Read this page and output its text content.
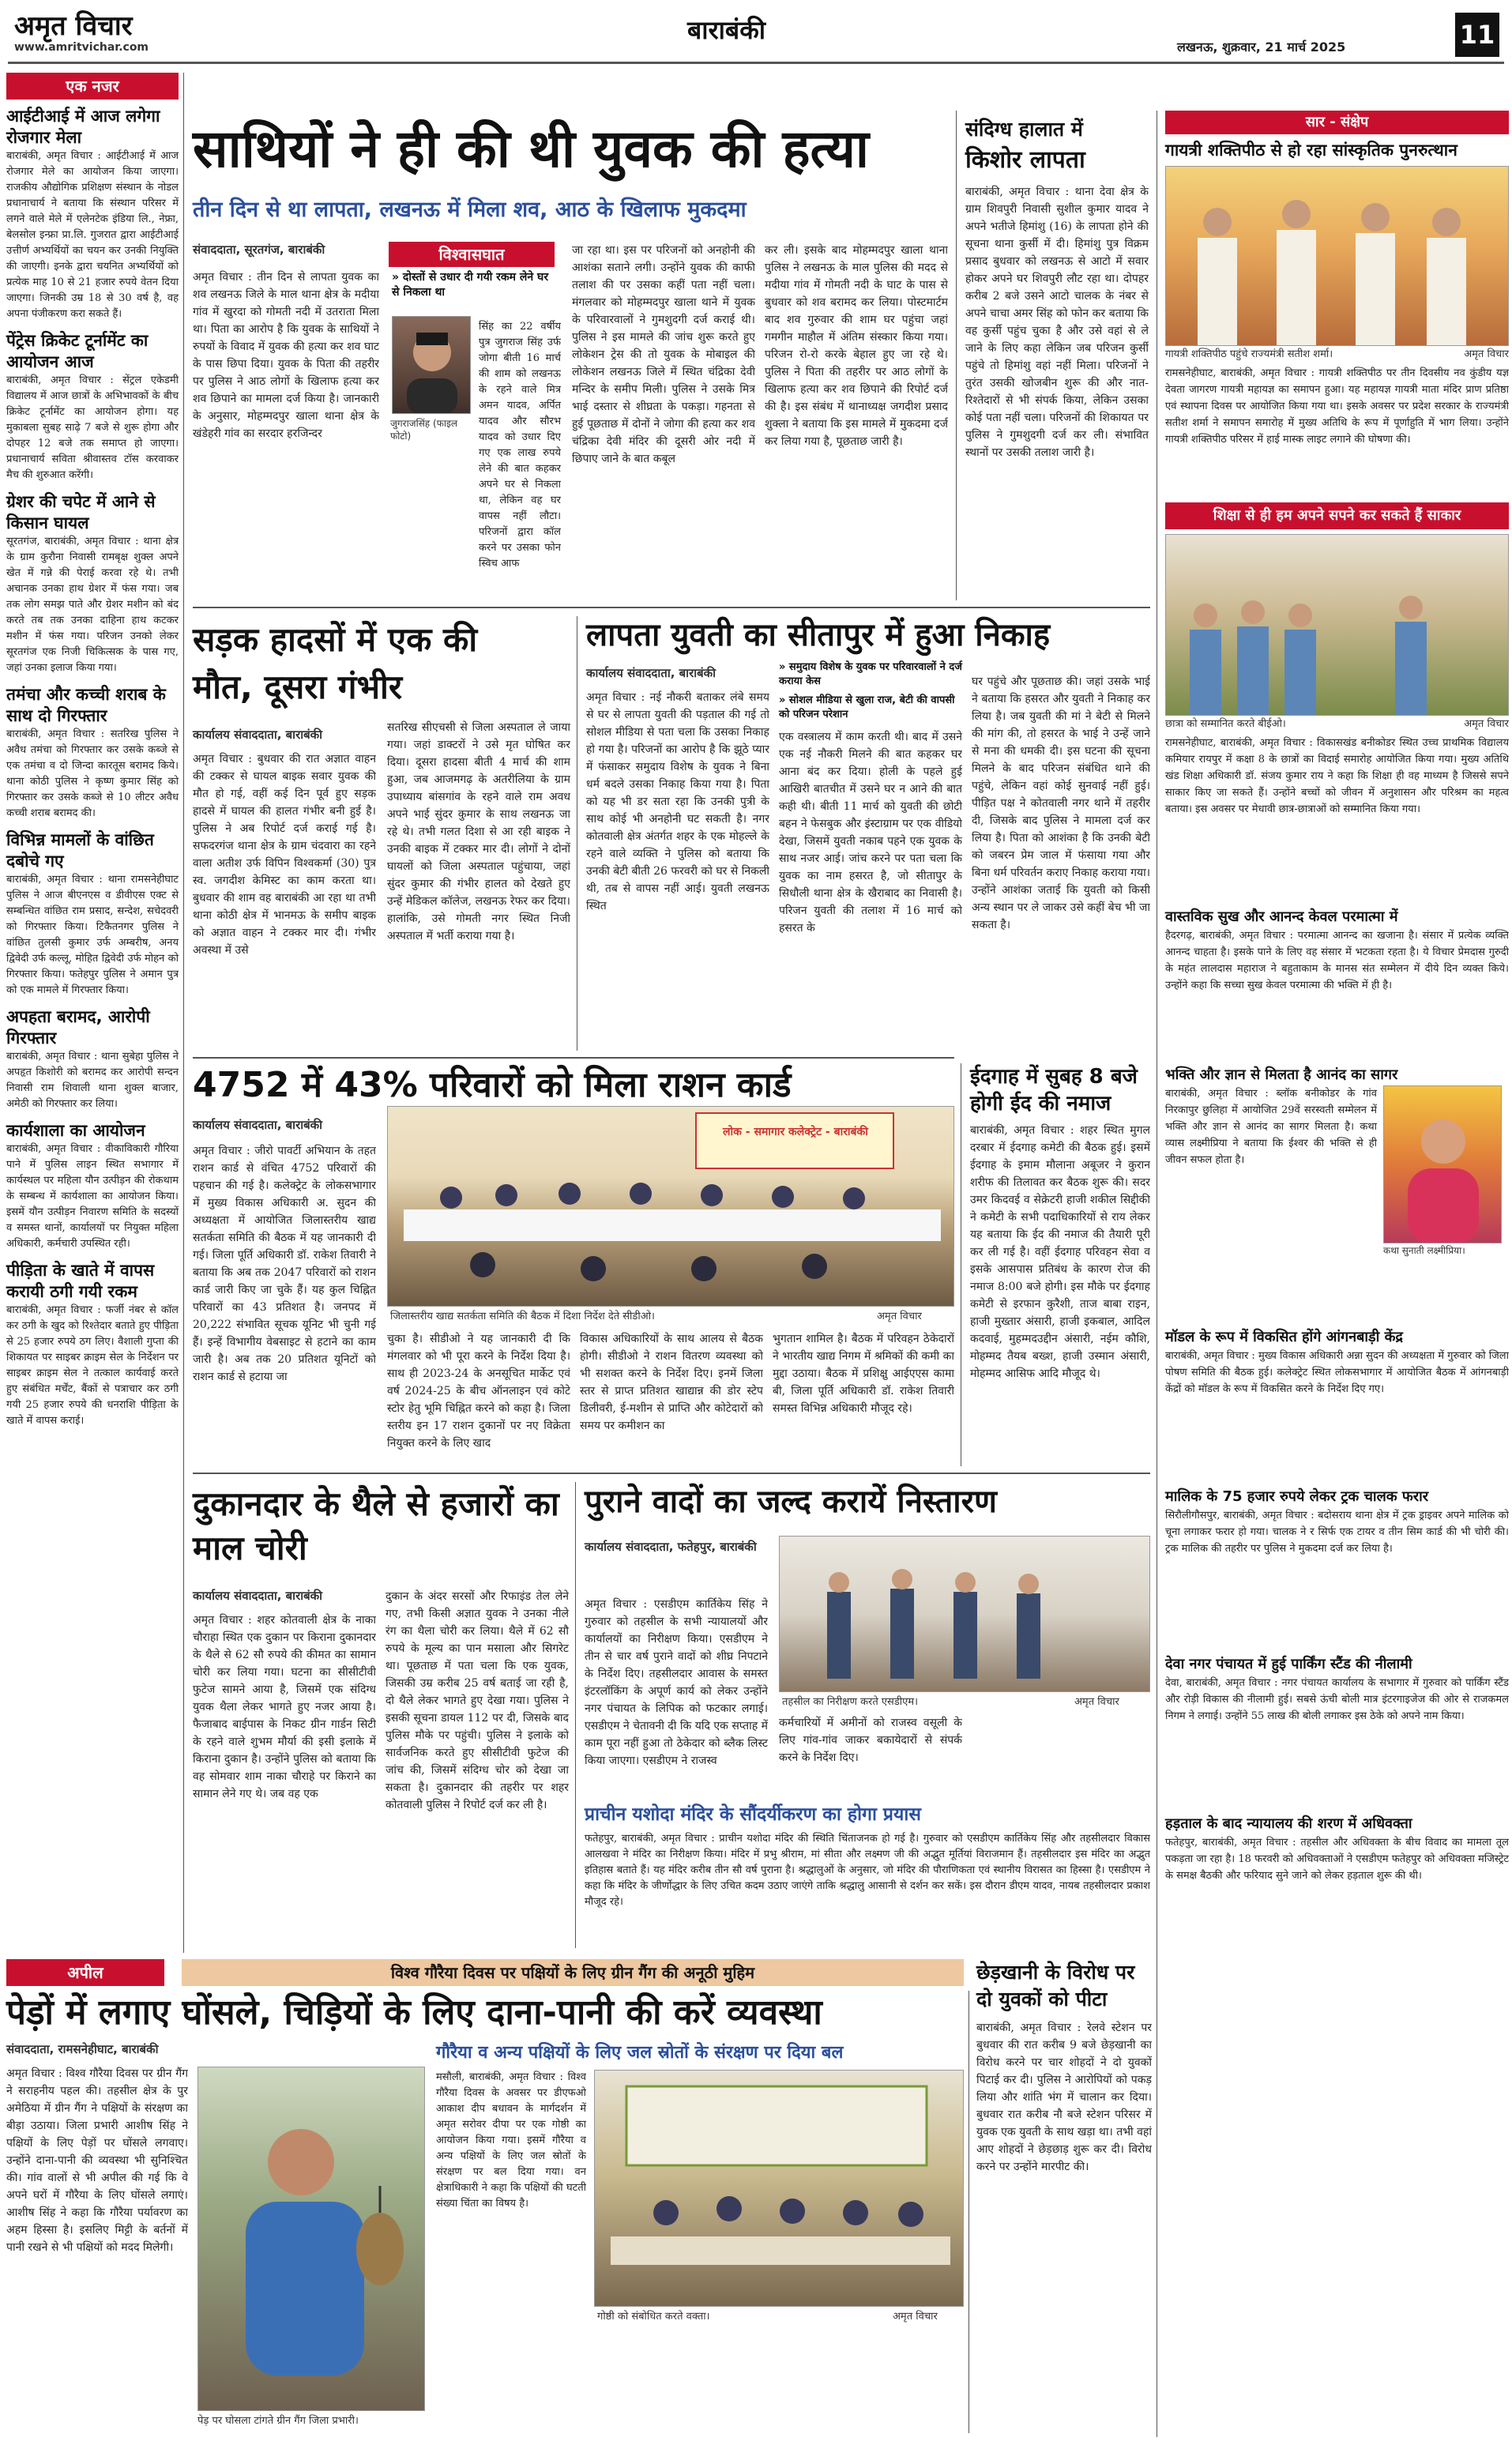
अमृत विचार
www.amritvichar.com
बाराबंकी
लखनऊ, शुक्रवार, 21 मार्च 2025	11
एक नजर
आईटीआई में आज लगेगा रोजगार मेला
बाराबंकी, अमृत विचार : आईटीआई में आज रोजगार मेले का आयोजन किया जाएगा। राजकीय औद्योगिक प्रशिक्षण संस्थान के नोडल प्रधानाचार्य ने बताया कि संस्थान परिसर में लगने वाले मेले में एलेनटेक इंडिया लि., नेफ्रा, बेलसोल इन्फ्रा प्रा.लि. गुजरात द्वारा आईटीआई उत्तीर्ण अभ्यर्थियों का चयन कर उनकी नियुक्ति की जाएगी। इनके द्वारा चयनित अभ्यर्थियों को प्रत्येक माह 10 से 21 हजार रुपये वेतन दिया जाएगा। जिनकी उम्र 18 से 30 वर्ष है, वह अपना पंजीकरण करा सकते हैं।
पेंट्रेस क्रिकेट टूर्नामेंट का आयोजन आज
बाराबंकी, अमृत विचार : सेंट्रल एकेडमी विद्यालय में आज छात्रों के अभिभावकों के बीच क्रिकेट टूर्नामेंट का आयोजन होगा। यह मुकाबला सुबह साढ़े 7 बजे से शुरू होगा और दोपहर 12 बजे तक समाप्त हो जाएगा। प्रधानाचार्य सविता श्रीवास्तव टॉस करवाकर मैच की शुरुआत करेंगी।
ग्रेशर की चपेट में आने से किसान घायल
सूरतगंज, बाराबंकी, अमृत विचार : थाना क्षेत्र के ग्राम कुरौना निवासी रामबृक्ष शुक्ल अपने खेत में गन्ने की पेराई करवा रहे थे। तभी अचानक उनका हाथ ग्रेशर में फंस गया। जब तक लोग समझ पाते और ग्रेशर मशीन को बंद करते तब तक उनका दाहिना हाथ कटकर मशीन में फंस गया। परिजन उनको लेकर सूरतगंज एक निजी चिकित्सक के पास गए, जहां उनका इलाज किया गया।
तमंचा और कच्ची शराब के साथ दो गिरफ्तार
बाराबंकी, अमृत विचार : सतरिख पुलिस ने अवैध तमंचा को गिरफ्तार कर उसके कब्जे से एक तमंचा व दो जिन्दा कारतूस बरामद किये। थाना कोठी पुलिस ने कृष्ण कुमार सिंह को गिरफ्तार कर उसके कब्जे से 10 लीटर अवैध कच्ची शराब बरामद की।
विभिन्न मामलों के वांछित दबोचे गए
बाराबंकी, अमृत विचार : थाना रामसनेहीघाट पुलिस ने आज बीएनएस व डीवीएस एक्ट से सम्बन्धित वांछित राम प्रसाद, सन्देश, सचेदवरी को गिरफ्तार किया। टिकैतनगर पुलिस ने वांछित तुलसी कुमार उर्फ अम्बरीष, अनय द्विवेदी उर्फ कल्लू, मोहित द्विवेदी उर्फ मोहन को गिरफ्तार किया। फतेहपुर पुलिस ने अमान पुत्र को एक मामले में गिरफ्तार किया।
अपहता बरामद, आरोपी गिरफ्तार
बाराबंकी, अमृत विचार : थाना सुबेहा पुलिस ने अपहृत किशोरी को बरामद कर आरोपी सन्दन निवासी राम शिवाली थाना शुक्ल बाजार, अमेठी को गिरफ्तार कर लिया।
कार्यशाला का आयोजन
बाराबंकी, अमृत विचार : वीकाविकारी गौरिया पाने में पुलिस लाइन स्थित सभागार में कार्यस्थल पर महिला यौन उत्पीड़न की रोकथाम के सम्बन्ध में कार्यशाला का आयोजन किया। इसमें यौन उत्पीड़न निवारण समिति के सदस्यों व समस्त थानों, कार्यालयों पर नियुक्त महिला अधिकारी, कर्मचारी उपस्थित रही।
पीड़िता के खाते में वापस करायी ठगी गयी रकम
बाराबंकी, अमृत विचार : फर्जी नंबर से कॉल कर ठगी के खुद को रिश्तेदार बताते हुए पीड़िता से 25 हजार रुपये ठग लिए। वैशाली गुप्ता की शिकायत पर साइबर क्राइम सेल के निर्देशन पर साइबर क्राइम सेल ने तत्काल कार्यवाई करते हुए संबंधित मर्चेंट, बैंकों से पत्राचार कर ठगी गयी 25 हजार रुपये की धनराशि पीड़िता के खाते में वापस कराई।
साथियों ने ही की थी युवक की हत्या
तीन दिन से था लापता, लखनऊ में मिला शव, आठ के खिलाफ मुकदमा
संवाददाता, सूरतगंज, बाराबंकी
अमृत विचार : तीन दिन से लापता युवक का शव लखनऊ जिले के माल थाना क्षेत्र के मदीया गांव में खुरदा को गोमती नदी में उतराता मिला था। पिता का आरोप है कि युवक के साथियों ने रुपयों के विवाद में युवक की हत्या कर शव घाट के पास छिपा दिया। युवक के पिता की तहरीर पर पुलिस ने आठ लोगों के खिलाफ हत्या कर शव छिपाने का मामला दर्ज किया है। जानकारी के अनुसार, मोहम्मदपुर खाला थाना क्षेत्र के खंडेहरी गांव का सरदार हरजिन्दर
विश्वासघात
» दोस्तों से उधार दी गयी रकम लेने घर से निकला था
जुगराजसिंह (फाइल फोटो)
सिंह का 22 वर्षीय पुत्र जुगराज सिंह उर्फ जोगा बीती 16 मार्च की शाम को लखनऊ के रहने वाले मित्र अमन यादव, अर्पित यादव और सौरभ यादव को उधार दिए गए एक लाख रुपये लेने की बात कहकर अपने घर से निकला था, लेकिन वह घर वापस नहीं लौटा। परिजनों द्वारा कॉल करने पर उसका फोन स्विच आफ
जा रहा था। इस पर परिजनों को अनहोनी की आशंका सताने लगी। उन्होंने युवक की काफी तलाश की पर उसका कहीं पता नहीं चला। मंगलवार को मोहम्मदपुर खाला थाने में युवक के परिवारवालों ने गुमशुदगी दर्ज कराई थी। पुलिस ने इस मामले की जांच शुरू करते हुए लोकेशन ट्रेस की तो युवक के मोबाइल की लोकेशन लखनऊ जिले में स्थित चंद्रिका देवी मन्दिर के समीप मिली। पुलिस ने उसके मित्र भाई दस्तार से शीघ्रता के पकड़ा। गहनता से हुई पूछताछ में दोनों ने जोगा की हत्या कर शव चंद्रिका देवी मंदिर की दूसरी ओर नदी में छिपाए जाने के बात कबूल
कर ली। इसके बाद मोहम्मदपुर खाला थाना पुलिस ने लखनऊ के माल पुलिस की मदद से मदीया गांव में गोमती नदी के घाट के पास से बुधवार को शव बरामद कर लिया। पोस्टमार्टम बाद शव गुरुवार की शाम घर पहुंचा जहां गमगीन माहौल में अंतिम संस्कार किया गया। परिजन रो-रो करके बेहाल हुए जा रहे थे। पुलिस ने पिता की तहरीर पर आठ लोगों के खिलाफ हत्या कर शव छिपाने की रिपोर्ट दर्ज की है। इस संबंध में थानाध्यक्ष जगदीश प्रसाद शुक्ला ने बताया कि इस मामले में मुकदमा दर्ज कर लिया गया है, पूछताछ जारी है।
संदिग्ध हालात में
किशोर लापता
बाराबंकी, अमृत विचार : थाना देवा क्षेत्र के ग्राम शिवपुरी निवासी सुशील कुमार यादव ने अपने भतीजे हिमांशु (16) के लापता होने की सूचना थाना कुर्सी में दी। हिमांशु पुत्र विक्रम प्रसाद बुधवार को लखनऊ से आटो में सवार होकर अपने घर शिवपुरी लौट रहा था। दोपहर करीब 2 बजे उसने आटो चालक के नंबर से अपने चाचा अमर सिंह को फोन कर बताया कि वह कुर्सी पहुंच चुका है और उसे वहां से ले जाने के लिए कहा लेकिन जब परिजन कुर्सी पहुंचे तो हिमांशु वहां नहीं मिला। परिजनों ने तुरंत उसकी खोजबीन शुरू की और नात-रिश्तेदारों से भी संपर्क किया, लेकिन उसका कोई पता नहीं चला। परिजनों की शिकायत पर पुलिस ने गुमशुदगी दर्ज कर ली। संभावित स्थानों पर उसकी तलाश जारी है।
सड़क हादसों में एक की मौत, दूसरा गंभीर
कार्यालय संवाददाता, बाराबंकी
अमृत विचार : बुधवार की रात अज्ञात वाहन की टक्कर से घायल बाइक सवार युवक की मौत हो गई, वहीं कई दिन पूर्व हुए सड़क हादसे में घायल की हालत गंभीर बनी हुई है। पुलिस ने अब रिपोर्ट दर्ज कराई गई है। सफदरगंज थाना क्षेत्र के ग्राम चंदवारा का रहने वाला अतीश उर्फ विपिन विश्वकर्मा (30) पुत्र स्व. जगदीश केमिस्ट का काम करता था। बुधवार की शाम वह बाराबंकी आ रहा था तभी थाना कोठी क्षेत्र में भानमऊ के समीप बाइक को अज्ञात वाहन ने टक्कर मार दी। गंभीर अवस्था में उसे
सतरिख सीएचसी से जिला अस्पताल ले जाया गया। जहां डाक्टरों ने उसे मृत घोषित कर दिया। दूसरा हादसा बीती 4 मार्च की शाम हुआ, जब आजमगढ़ के अतरीलिया के ग्राम उपाध्याय बांसगांव के रहने वाले राम अवध अपने भाई सुंदर कुमार के साथ लखनऊ जा रहे थे। तभी गलत दिशा से आ रही बाइक ने उनकी बाइक में टक्कर मार दी। लोगों ने दोनों घायलों को जिला अस्पताल पहुंचाया, जहां सुंदर कुमार की गंभीर हालत को देखते हुए उन्हें मेडिकल कॉलेज, लखनऊ रेफर कर दिया। हालांकि, उसे गोमती नगर स्थित निजी अस्पताल में भर्ती कराया गया है।
लापता युवती का सीतापुर में हुआ निकाह
कार्यालय संवाददाता, बाराबंकी	» समुदाय विशेष के युवक पर परिवारवालों ने दर्ज कराया केस
» सोशल मीडिया से खुला राज, बेटी की वापसी को परिजन परेशान
अमृत विचार : नई नौकरी बताकर लंबे समय से घर से लापता युवती की पड़ताल की गई तो सोशल मीडिया से पता चला कि उसका निकाह हो गया है। परिजनों का आरोप है कि झूठे प्यार में फंसाकर समुदाय विशेष के युवक ने बिना धर्म बदले उसका निकाह किया गया है। पिता को यह भी डर सता रहा कि उनकी पुत्री के साथ कोई भी अनहोनी घट सकती है। नगर कोतवाली क्षेत्र अंतर्गत शहर के एक मोहल्ले के रहने वाले व्यक्ति ने पुलिस को बताया कि उनकी बेटी बीती 26 फरवरी को घर से निकली थी, तब से वापस नहीं आई। युवती लखनऊ स्थित
एक वस्त्रालय में काम करती थी। बाद में उसने एक नई नौकरी मिलने की बात कहकर घर आना बंद कर दिया। होली के पहले हुई आखिरी बातचीत में उसने घर न आने की बात कही थी। बीती 11 मार्च को युवती की छोटी बहन ने फेसबुक और इंस्टाग्राम पर एक वीडियो देखा, जिसमें युवती नकाब पहने एक युवक के साथ नजर आई। जांच करने पर पता चला कि युवक का नाम हसरत है, जो सीतापुर के सिधौली थाना क्षेत्र के खैराबाद का निवासी है। परिजन युवती की तलाश में 16 मार्च को हसरत के
घर पहुंचे और पूछताछ की। जहां उसके भाई ने बताया कि हसरत और युवती ने निकाह कर लिया है। जब युवती की मां ने बेटी से मिलने की मांग की, तो हसरत के भाई ने उन्हें जाने से मना की धमकी दी। इस घटना की सूचना मिलने के बाद परिजन संबंधित थाने की पहुंचे, लेकिन वहां कोई सुनवाई नहीं हुई। पीड़ित पक्ष ने कोतवाली नगर थाने में तहरीर दी, जिसके बाद पुलिस ने मामला दर्ज कर लिया है। पिता को आशंका है कि उनकी बेटी को जबरन प्रेम जाल में फंसाया गया और बिना धर्म परिवर्तन कराए निकाह कराया गया। उन्होंने आशंका जताई कि युवती को किसी अन्य स्थान पर ले जाकर उसे कहीं बेच भी जा सकता है।
4752 में 43% परिवारों को मिला राशन कार्ड
कार्यालय संवाददाता, बाराबंकी
अमृत विचार : जीरो पावर्टी अभियान के तहत राशन कार्ड से वंचित 4752 परिवारों की पहचान की गई है। कलेक्ट्रेट के लोकसभागार में मुख्य विकास अधिकारी अ. सुदन की अध्यक्षता में आयोजित जिलास्तरीय खाद्य सतर्कता समिति की बैठक में यह जानकारी दी गई। जिला पूर्ति अधिकारी डॉ. राकेश तिवारी ने बताया कि अब तक 2047 परिवारों को राशन कार्ड जारी किए जा चुके हैं। यह कुल चिह्नित परिवारों का 43 प्रतिशत है। जनपद में 20,222 संभावित सूचक यूनिट भी चुनी गई हैं। इन्हें विभागीय वेबसाइट से हटाने का काम जारी है। अब तक 20 प्रतिशत यूनिटों को राशन कार्ड से हटाया जा
लोक - समागार कलेक्ट्रेट - बाराबंकी
जिलास्तरीय खाद्य सतर्कता समिति की बैठक में दिशा निर्देश देते सीडीओ।	अमृत विचार
चुका है। सीडीओ ने यह जानकारी दी कि मंगलवार को भी पूरा करने के निर्देश दिया है। साथ ही 2023-24 के अनसूचित मार्केट एवं वर्ष 2024-25 के बीच ऑनलाइन एवं कोटे स्टोर हेतु भूमि चिह्नित करने को कहा है। जिला स्तरीय इन 17 राशन दुकानों पर नए विक्रेता नियुक्त करने के लिए खाद
विकास अधिकारियों के साथ आलय से बैठक होगी। सीडीओ ने राशन वितरण व्यवस्था को भी सशक्त करने के निर्देश दिए। इनमें जिला स्तर से प्राप्त प्रतिशत खाद्यान्न की डोर स्टेप डिलीवरी, ई-मशीन से प्राप्ति और कोटेदारों को समय पर कमीशन का
भुगतान शामिल है। बैठक में परिवहन ठेकेदारों ने भारतीय खाद्य निगम में श्रमिकों की कमी का मुद्दा उठाया। बैठक में प्रशिक्षु आईएएस कामा बी, जिला पूर्ति अधिकारी डॉ. राकेश तिवारी समस्त विभिन्न अधिकारी मौजूद रहे।
ईदगाह में सुबह 8 बजे होगी ईद की नमाज
बाराबंकी, अमृत विचार : शहर स्थित मुगल दरबार में ईदगाह कमेटी की बैठक हुई। इसमें ईदगाह के इमाम मौलाना अबूजर ने कुरान शरीफ की तिलावत कर बैठक शुरू की। सदर उमर किदवई व सेक्रेटरी हाजी शकील सिद्दीकी ने कमेटी के सभी पदाधिकारियों से राय लेकर यह बताया कि ईद की नमाज की तैयारी पूरी कर ली गई है। वहीं ईदगाह परिवहन सेवा व इसके आसपास प्रतिबंध के कारण रोज की नमाज 8:00 बजे होगी। इस मौके पर ईदगाह कमेटी से इरफान कुरैशी, ताज बाबा राइन, हाजी मुख्तार अंसारी, हाजी इकबाल, आदिल कदवाई, मुहम्मदउद्दीन अंसारी, नईम कौशि, मोहम्मद तैयब बख्श, हाजी उस्मान अंसारी, मोहम्मद आसिफ आदि मौजूद थे।
दुकानदार के थैले से हजारों का माल चोरी
कार्यालय संवाददाता, बाराबंकी
अमृत विचार : शहर कोतवाली क्षेत्र के नाका चौराहा स्थित एक दुकान पर किराना दुकानदार के थैले से 62 सौ रुपये की कीमत का सामान चोरी कर लिया गया। घटना का सीसीटीवी फुटेज सामने आया है, जिसमें एक संदिग्ध युवक थैला लेकर भागते हुए नजर आया है। फैजाबाद बाईपास के निकट ग्रीन गार्डन सिटी के रहने वाले शुभम मौर्या की इसी इलाके में किराना दुकान है। उन्होंने पुलिस को बताया कि वह सोमवार शाम नाका चौराहे पर किराने का सामान लेने गए थे। जब वह एक
दुकान के अंदर सरसों और रिफाइंड तेल लेने गए, तभी किसी अज्ञात युवक ने उनका नीले रंग का थैला चोरी कर लिया। थैले में 62 सौ रुपये के मूल्य का पान मसाला और सिगरेट था। पूछताछ में पता चला कि एक युवक, जिसकी उम्र करीब 25 वर्ष बताई जा रही है, दो थैले लेकर भागते हुए देखा गया। पुलिस ने इसकी सूचना डायल 112 पर दी, जिसके बाद पुलिस मौके पर पहुंची। पुलिस ने इलाके को सार्वजनिक करते हुए सीसीटीवी फुटेज की जांच की, जिसमें संदिग्ध चोर को देखा जा सकता है। दुकानदार की तहरीर पर शहर कोतवाली पुलिस ने रिपोर्ट दर्ज कर ली है।
पुराने वादों का जल्द करायें निस्तारण
कार्यालय संवाददाता, फतेहपुर, बाराबंकी
अमृत विचार : एसडीएम कार्तिकेय सिंह ने गुरुवार को तहसील के सभी न्यायालयों और कार्यालयों का निरीक्षण किया। एसडीएम ने तीन से चार वर्ष पुराने वादों को शीघ्र निपटाने के निर्देश दिए। तहसीलदार आवास के समस्त इंटरलॉकिंग के अपूर्ण कार्य को लेकर उन्होंने नगर पंचायत के लिपिक को फटकार लगाई। एसडीएम ने चेतावनी दी कि यदि एक सप्ताह में काम पूरा नहीं हुआ तो ठेकेदार को ब्लैक लिस्ट किया जाएगा। एसडीएम ने राजस्व
तहसील का निरीक्षण करते एसडीएम।	अमृत विचार
कर्मचारियों में अमीनों को राजस्व वसूली के लिए गांव-गांव जाकर बकायेदारों से संपर्क करने के निर्देश दिए।
प्राचीन यशोदा मंदिर के सौंदर्यीकरण का होगा प्रयास
फतेहपुर, बाराबंकी, अमृत विचार : प्राचीन यशोदा मंदिर की स्थिति चिंताजनक हो गई है। गुरुवार को एसडीएम कार्तिकेय सिंह और तहसीलदार विकास आलखवा ने मंदिर का निरीक्षण किया। मंदिर में प्रभु श्रीराम, मां सीता और लक्ष्मण जी की अद्भुत मूर्तियां विराजमान हैं। तहसीलदार इस मंदिर का अद्भुत इतिहास बताते हैं। यह मंदिर करीब तीन सौ वर्ष पुराना है। श्रद्धालुओं के अनुसार, जो मंदिर की पौराणिकता एवं स्थानीय विरासत का हिस्सा है। एसडीएम ने कहा कि मंदिर के जीर्णोद्धार के लिए उचित कदम उठाए जाएंगे ताकि श्रद्धालु आसानी से दर्शन कर सकें। इस दौरान डीएम यादव, नायब तहसीलदार प्रकाश मौजूद रहे।
सार - संक्षेप
गायत्री शक्तिपीठ से हो रहा सांस्कृतिक पुनरुत्थान
गायत्री शक्तिपीठ पहुंचे राज्यमंत्री सतीश शर्मा।	अमृत विचार
रामसनेहीघाट, बाराबंकी, अमृत विचार : गायत्री शक्तिपीठ पर तीन दिवसीय नव कुंडीय यज्ञ देवता जागरण गायत्री महायज्ञ का समापन हुआ। यह महायज्ञ गायत्री माता मंदिर प्राण प्रतिष्ठा एवं स्थापना दिवस पर आयोजित किया गया था। इसके अवसर पर प्रदेश सरकार के राज्यमंत्री सतीश शर्मा ने समापन समारोह में मुख्य अतिथि के रूप में पूर्णाहुति में भाग लिया। उन्होंने गायत्री शक्तिपीठ परिसर में हाई मास्क लाइट लगाने की घोषणा की।
शिक्षा से ही हम अपने सपने कर सकते हैं साकार
छात्रा को सम्मानित करते बीईओ।	अमृत विचार
रामसनेहीघाट, बाराबंकी, अमृत विचार : विकासखंड बनीकोडर स्थित उच्च प्राथमिक विद्यालय कमियार रायपुर में कक्षा 8 के छात्रों का विदाई समारोह आयोजित किया गया। मुख्य अतिथि खंड शिक्षा अधिकारी डॉ. संजय कुमार राय ने कहा कि शिक्षा ही वह माध्यम है जिससे सपने साकार किए जा सकते हैं। उन्होंने बच्चों को जीवन में अनुशासन और परिश्रम का महत्व बताया। इस अवसर पर मेधावी छात्र-छात्राओं को सम्मानित किया गया।
वास्तविक सुख और आनन्द केवल परमात्मा में
हैदरगढ़, बाराबंकी, अमृत विचार : परमात्मा आनन्द का खजाना है। संसार में प्रत्येक व्यक्ति आनन्द चाहता है। इसके पाने के लिए वह संसार में भटकता रहता है। ये विचार प्रेमदास गुरुदी के महंत लालदास महाराज ने बहुताकाम के मानस संत सम्मेलन में दीये दिन व्यक्त किये। उन्होंने कहा कि सच्चा सुख केवल परमात्मा की भक्ति में ही है।
भक्ति और ज्ञान से मिलता है आनंद का सागर
बाराबंकी, अमृत विचार : ब्लॉक बनीकोडर के गांव निरकापुर छुलिहा में आयोजित 29वें सरस्वती सम्मेलन में भक्ति और ज्ञान से आनंद का सागर मिलता है। कथा व्यास लक्ष्मीप्रिया ने बताया कि ईश्वर की भक्ति से ही जीवन सफल होता है।
कथा सुनाती लक्ष्मीप्रिया।
मॉडल के रूप में विकसित होंगे आंगनबाड़ी केंद्र
बाराबंकी, अमृत विचार : मुख्य विकास अधिकारी अन्ना सुदन की अध्यक्षता में गुरुवार को जिला पोषण समिति की बैठक हुई। कलेक्ट्रेट स्थित लोकसभागार में आयोजित बैठक में आंगनबाड़ी केंद्रों को मॉडल के रूप में विकसित करने के निर्देश दिए गए।
मालिक के 75 हजार रुपये लेकर ट्रक चालक फरार
सिरौलीगौसपुर, बाराबंकी, अमृत विचार : बदोसराय थाना क्षेत्र में ट्रक ड्राइवर अपने मालिक को चूना लगाकर फरार हो गया। चालक ने र सिर्फ एक टायर व तीन सिम कार्ड की भी चोरी की। ट्रक मालिक की तहरीर पर पुलिस ने मुकदमा दर्ज कर लिया है।
देवा नगर पंचायत में हुई पार्किंग स्टैंड की नीलामी
देवा, बाराबंकी, अमृत विचार : नगर पंचायत कार्यालय के सभागार में गुरुवार को पार्किंग स्टैंड और रोड़ी विकास की नीलामी हुई। सबसे ऊंची बोली मात्र इंटरगाइजेज की ओर से राजकमल निगम ने लगाई। उन्होंने 55 लाख की बोली लगाकर इस ठेके को अपने नाम किया।
हड़ताल के बाद न्यायालय की शरण में अधिवक्ता
फतेहपुर, बाराबंकी, अमृत विचार : तहसील और अधिवक्ता के बीच विवाद का मामला तूल पकड़ता जा रहा है। 18 फरवरी को अधिवक्ताओं ने एसडीएम फतेहपुर को अधिवक्ता मजिस्ट्रेट के समक्ष बैठकी और फरियाद सुने जाने को लेकर हड़ताल शुरू की थी।
अपील	विश्व गौरैया दिवस पर पक्षियों के लिए ग्रीन गैंग की अनूठी मुहिम
पेड़ों में लगाए घोंसले, चिड़ियों के लिए दाना-पानी की करें व्यवस्था
संवाददाता, रामसनेहीघाट, बाराबंकी
अमृत विचार : विश्व गौरैया दिवस पर ग्रीन गैंग ने सराहनीय पहल की। तहसील क्षेत्र के पुर अमेठिया में ग्रीन गैंग ने पक्षियों के संरक्षण का बीड़ा उठाया। जिला प्रभारी आशीष सिंह ने पक्षियों के लिए पेड़ों पर घोंसले लगवाए। उन्होंने दाना-पानी की व्यवस्था भी सुनिश्चित की। गांव वालों से भी अपील की गई कि वे अपने घरों में गौरैया के लिए घोंसले लगाएं। आशीष सिंह ने कहा कि गौरैया पर्यावरण का अहम हिस्सा है। इसलिए मिट्टी के बर्तनों में पानी रखने से भी पक्षियों को मदद मिलेगी।
पेड़ पर घोसला टांगते ग्रीन गैंग जिला प्रभारी।
गौरैया व अन्य पक्षियों के लिए जल स्रोतों के संरक्षण पर दिया बल
मसौली, बाराबंकी, अमृत विचार : विश्व गौरैया दिवस के अवसर पर डीएफओ आकाश दीप बधावन के मार्गदर्शन में अमृत सरोवर दीपा पर एक गोष्ठी का आयोजन किया गया। इसमें गौरैया व अन्य पक्षियों के लिए जल स्रोतों के संरक्षण पर बल दिया गया। वन क्षेत्राधिकारी ने कहा कि पक्षियों की घटती संख्या चिंता का विषय है।
गोष्ठी को संबोधित करते वक्ता।	अमृत विचार
छेड़खानी के विरोध पर दो युवकों को पीटा
बाराबंकी, अमृत विचार : रेलवे स्टेशन पर बुधवार की रात करीब 9 बजे छेड़खानी का विरोध करने पर चार शोहदों ने दो युवकों पिटाई कर दी। पुलिस ने आरोपियों को पकड़ लिया और शांति भंग में चालान कर दिया। बुधवार रात करीब नौ बजे स्टेशन परिसर में युवक एक युवती के साथ खड़ा था। तभी वहां आए शोहदों ने छेड़छाड़ शुरू कर दी। विरोध करने पर उन्होंने मारपीट की।
